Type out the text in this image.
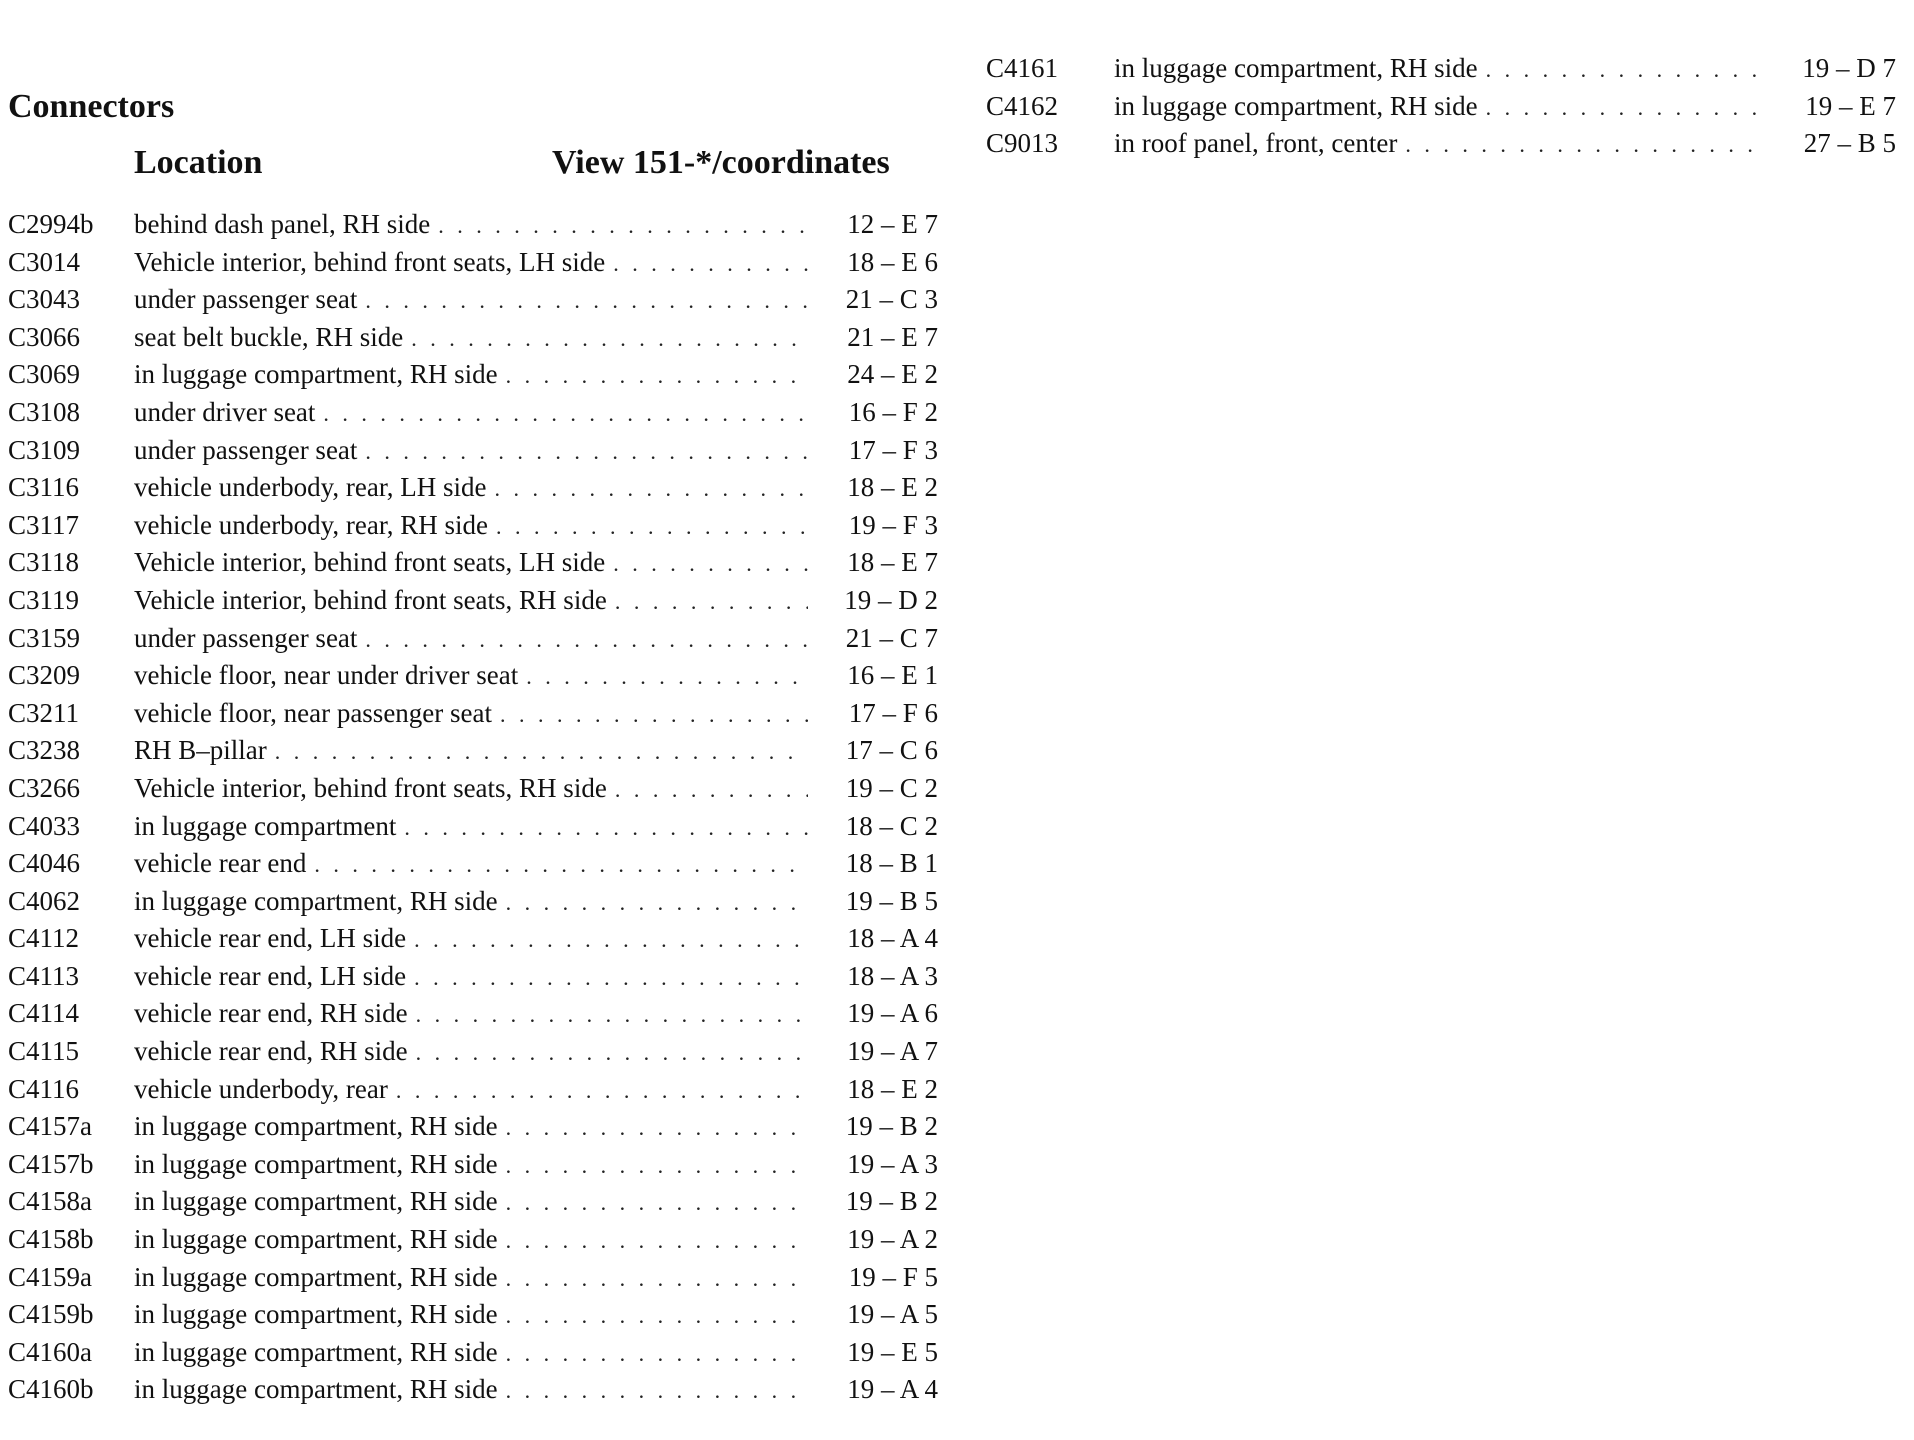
Connectors
Location	View 151-*/coordinates
C2994b	behind dash panel, RH side . . .	12 – E 7
C3014	Vehicle interior, behind front seats, LH side . . .	18 – E 6
C3043	under passenger seat . . .	21 – C 3
C3066	seat belt buckle, RH side . . .	21 – E 7
C3069	in luggage compartment, RH side . . .	24 – E 2
C3108	under driver seat . . .	16 – F 2
C3109	under passenger seat . . .	17 – F 3
C3116	vehicle underbody, rear, LH side . . .	18 – E 2
C3117	vehicle underbody, rear, RH side . . .	19 – F 3
C3118	Vehicle interior, behind front seats, LH side . . .	18 – E 7
C3119	Vehicle interior, behind front seats, RH side . . .	19 – D 2
C3159	under passenger seat . . .	21 – C 7
C3209	vehicle floor, near under driver seat . . .	16 – E 1
C3211	vehicle floor, near passenger seat . . .	17 – F 6
C3238	RH B–pillar . . .	17 – C 6
C3266	Vehicle interior, behind front seats, RH side . . .	19 – C 2
C4033	in luggage compartment . . .	18 – C 2
C4046	vehicle rear end . . .	18 – B 1
C4062	in luggage compartment, RH side . . .	19 – B 5
C4112	vehicle rear end, LH side . . .	18 – A 4
C4113	vehicle rear end, LH side . . .	18 – A 3
C4114	vehicle rear end, RH side . . .	19 – A 6
C4115	vehicle rear end, RH side . . .	19 – A 7
C4116	vehicle underbody, rear . . .	18 – E 2
C4157a	in luggage compartment, RH side . . .	19 – B 2
C4157b	in luggage compartment, RH side . . .	19 – A 3
C4158a	in luggage compartment, RH side . . .	19 – B 2
C4158b	in luggage compartment, RH side . . .	19 – A 2
C4159a	in luggage compartment, RH side . . .	19 – F 5
C4159b	in luggage compartment, RH side . . .	19 – A 5
C4160a	in luggage compartment, RH side . . .	19 – E 5
C4160b	in luggage compartment, RH side . . .	19 – A 4
C4161	in luggage compartment, RH side . . .	19 – D 7
C4162	in luggage compartment, RH side . . .	19 – E 7
C9013	in roof panel, front, center . . .	27 – B 5
